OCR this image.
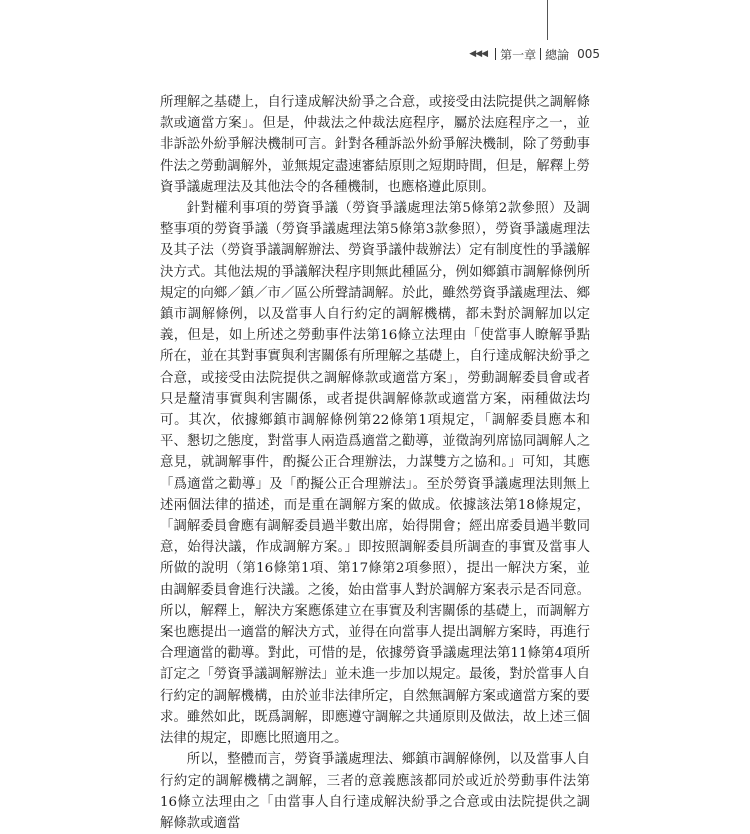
◀◀◀ 第一章 總論 005

所理解之基礎上，自行達成解決紛爭之合意，或接受由法院提供之調解條款或適當方案」。但是，仲裁法之仲裁法庭程序，屬於法庭程序之一，並非訴訟外紛爭解決機制可言。針對各種訴訟外紛爭解決機制，除了勞動事件法之勞動調解外，並無規定盡速審結原則之短期時間，但是，解釋上勞資爭議處理法及其他法令的各種機制，也應格遵此原則。

針對權利事項的勞資爭議（勞資爭議處理法第5條第2款參照）及調整事項的勞資爭議（勞資爭議處理法第5條第3款參照），勞資爭議處理法及其子法（勞資爭議調解辦法、勞資爭議仲裁辦法）定有制度性的爭議解決方式。其他法規的爭議解決程序則無此種區分，例如鄉鎮市調解條例所規定的向鄉／鎮／市／區公所聲請調解。於此，雖然勞資爭議處理法、鄉鎮市調解條例，以及當事人自行約定的調解機構，都未對於調解加以定義，但是，如上所述之勞動事件法第16條立法理由「使當事人瞭解爭點所在，並在其對事實與利害關係有所理解之基礎上，自行達成解決紛爭之合意，或接受由法院提供之調解條款或適當方案」，勞動調解委員會或者只是釐清事實與利害關係，或者提供調解條款或適當方案，兩種做法均可。其次，依據鄉鎮市調解條例第22條第1項規定，「調解委員應本和平、懇切之態度，對當事人兩造爲適當之勸導，並徵詢列席協同調解人之意見，就調解事件，酌擬公正合理辦法，力謀雙方之協和。」可知，其應「爲適當之勸導」及「酌擬公正合理辦法」。至於勞資爭議處理法則無上述兩個法律的描述，而是重在調解方案的做成。依據該法第18條規定，「調解委員會應有調解委員過半數出席，始得開會；經出席委員過半數同意，始得決議，作成調解方案。」即按照調解委員所調查的事實及當事人所做的說明（第16條第1項、第17條第2項參照），提出一解決方案，並由調解委員會進行決議。之後，始由當事人對於調解方案表示是否同意。所以，解釋上，解決方案應係建立在事實及利害關係的基礎上，而調解方案也應提出一適當的解決方式，並得在向當事人提出調解方案時，再進行合理適當的勸導。對此，可惜的是，依據勞資爭議處理法第11條第4項所訂定之「勞資爭議調解辦法」並未進一步加以規定。最後，對於當事人自行約定的調解機構，由於並非法律所定，自然無調解方案或適當方案的要求。雖然如此，既爲調解，即應遵守調解之共通原則及做法，故上述三個法律的規定，即應比照適用之。

所以，整體而言，勞資爭議處理法、鄉鎮市調解條例，以及當事人自行約定的調解機構之調解，三者的意義應該都同於或近於勞動事件法第16條立法理由之「由當事人自行達成解決紛爭之合意或由法院提供之調解條款或適當
